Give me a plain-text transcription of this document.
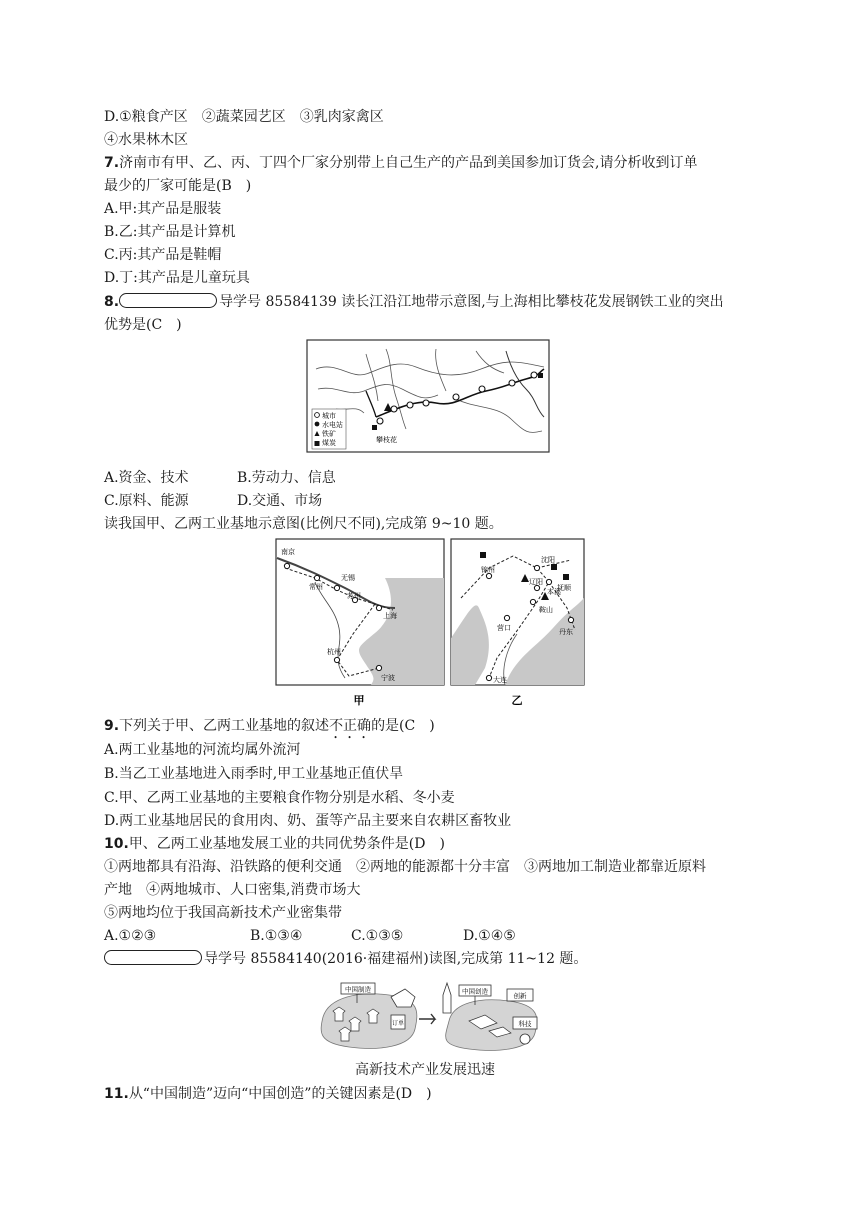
D.①粮食产区　②蔬菜园艺区　③乳肉家禽区
④水果林木区
7.济南市有甲、乙、丙、丁四个厂家分别带上自己生产的产品到美国参加订货会,请分析收到订单
最少的厂家可能是(B　)
A.甲:其产品是服装
B.乙:其产品是计算机
C.丙:其产品是鞋帽
D.丁:其产品是儿童玩具
8.	导学号 85584139 读长江沿江地带示意图,与上海相比攀枝花发展钢铁工业的突出
优势是(C　)
城市
水电站
铁矿
煤炭	攀枝花
A.资金、技术	B.劳动力、信息
C.原料、能源	D.交通、市场
读我国甲、乙两工业基地示意图(比例尺不同),完成第 9~10 题。
南京
常州
无锡
苏州
上海
杭州
宁波
沈阳
抚顺
辽阳
本溪
锦州
鞍山
营口	丹东
大连
甲	乙
9.下列关于甲、乙两工业基地的叙述不正确的是(C　)
A.两工业基地的河流均属外流河
B.当乙工业基地进入雨季时,甲工业基地正值伏旱
C.甲、乙两工业基地的主要粮食作物分别是水稻、冬小麦
D.两工业基地居民的食用肉、奶、蛋等产品主要来自农耕区畜牧业
10.甲、乙两工业基地发展工业的共同优势条件是(D　)
①两地都具有沿海、沿铁路的便利交通　②两地的能源都十分丰富　③两地加工制造业都靠近原料
产地　④两地城市、人口密集,消费市场大
⑤两地均位于我国高新技术产业密集带
A.①②③	B.①③④	C.①③⑤	D.①④⑤
导学号 85584140(2016·福建福州)读图,完成第 11~12 题。
中国制造
订单
中国创造
创新
科技
高新技术产业发展迅速
11.从“中国制造”迈向“中国创造”的关键因素是(D　)
